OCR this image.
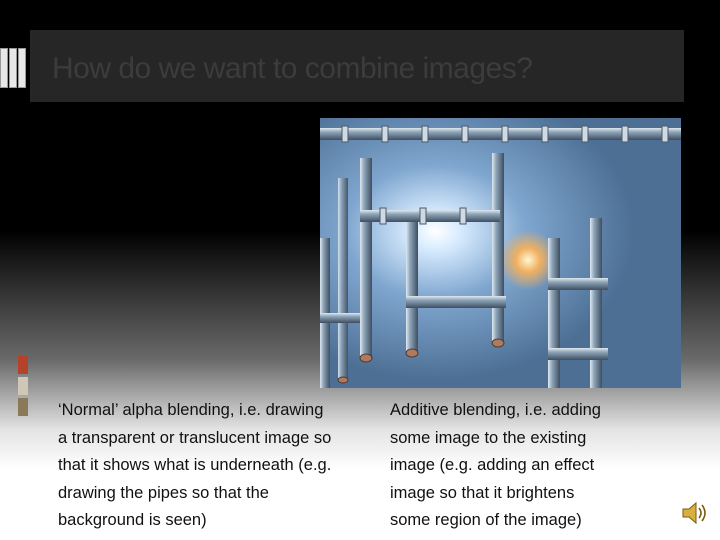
How do we want to combine images?
‘Normal’ alpha blending, i.e. drawing
a transparent or translucent image so
that it shows what is underneath (e.g.
drawing the pipes so that the
background is seen)
Additive blending, i.e. adding
some image to the existing
image (e.g. adding an effect
image so that it brightens
some region of the image)
